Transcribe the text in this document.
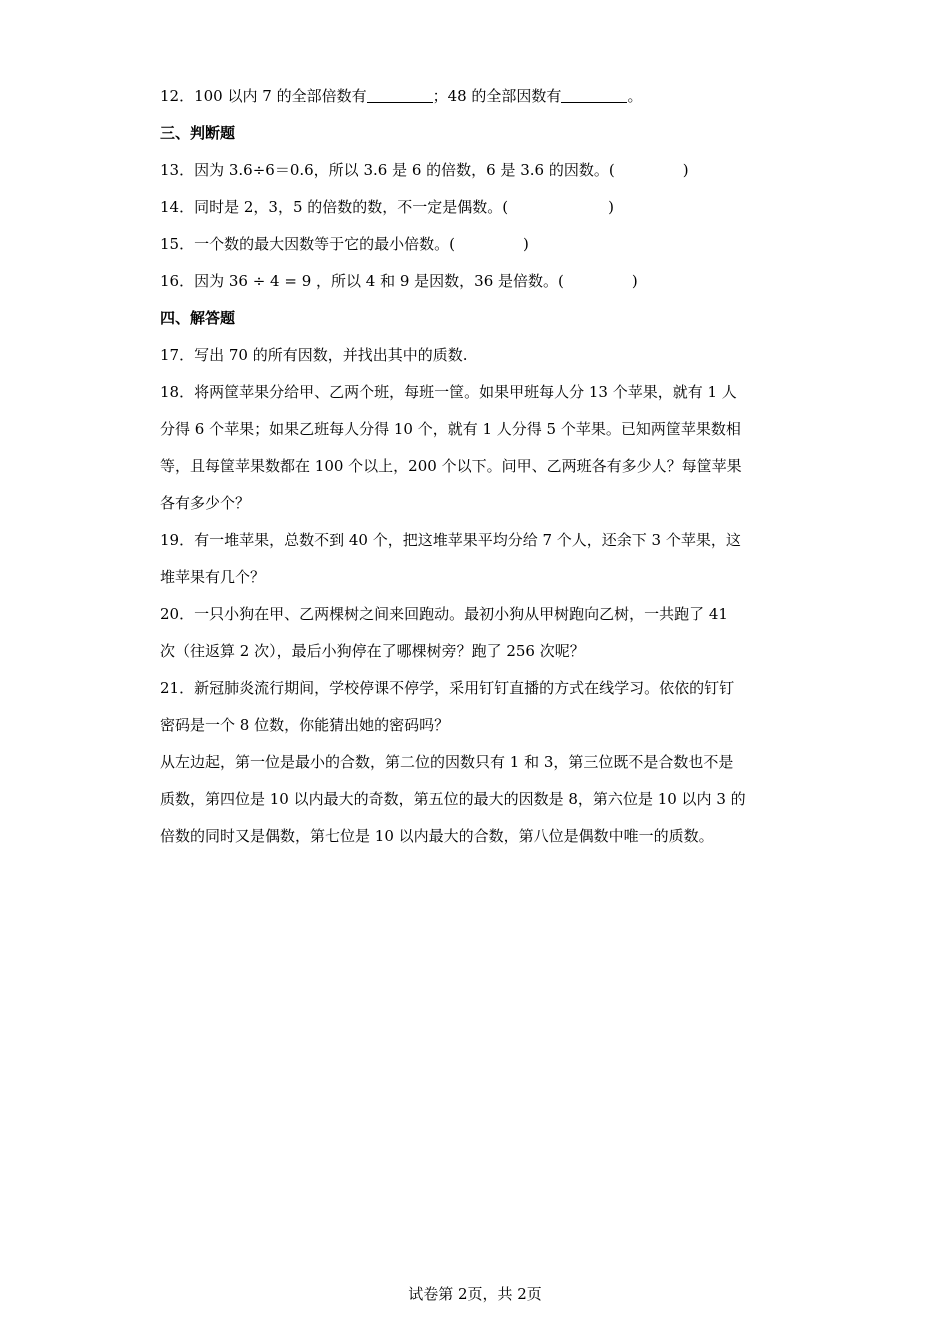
12．100 以内 7 的全部倍数有	；48 的全部因数有	。
三、判断题
13．因为 3.6÷6＝0.6，所以 3.6 是 6 的倍数，6 是 3.6 的因数。(	)
14．同时是 2，3，5 的倍数的数，不一定是偶数。(	)
15．一个数的最大因数等于它的最小倍数。(	)
16．因为 36 ÷ 4 = 9 ，所以 4 和 9 是因数，36 是倍数。(	)
四、解答题
17．写出 70 的所有因数，并找出其中的质数.
18．将两筐苹果分给甲、乙两个班，每班一筐。如果甲班每人分 13 个苹果，就有 1 人
分得 6 个苹果；如果乙班每人分得 10 个，就有 1 人分得 5 个苹果。已知两筐苹果数相
等，且每筐苹果数都在 100 个以上，200 个以下。问甲、乙两班各有多少人？每筐苹果
各有多少个？
19．有一堆苹果，总数不到 40 个，把这堆苹果平均分给 7 个人，还余下 3 个苹果，这
堆苹果有几个？
20．一只小狗在甲、乙两棵树之间来回跑动。最初小狗从甲树跑向乙树，一共跑了 41
次（往返算 2 次），最后小狗停在了哪棵树旁？跑了 256 次呢？
21．新冠肺炎流行期间，学校停课不停学，采用钉钉直播的方式在线学习。依依的钉钉
密码是一个 8 位数，你能猜出她的密码吗？
从左边起，第一位是最小的合数，第二位的因数只有 1 和 3，第三位既不是合数也不是
质数，第四位是 10 以内最大的奇数，第五位的最大的因数是 8，第六位是 10 以内 3 的
倍数的同时又是偶数，第七位是 10 以内最大的合数，第八位是偶数中唯一的质数。
试卷第 2页，共 2页
